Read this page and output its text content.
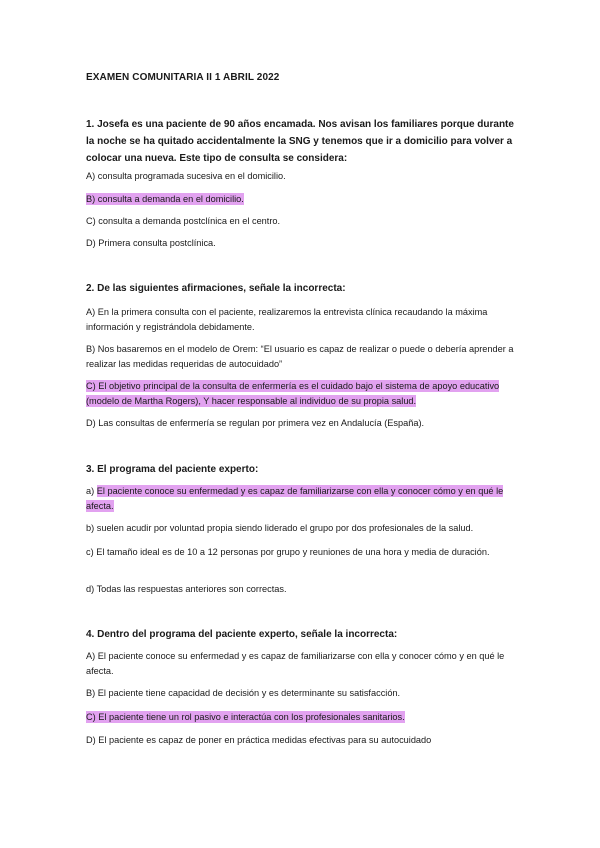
EXAMEN COMUNITARIA II 1 ABRIL 2022

1. Josefa es una paciente de 90 años encamada. Nos avisan los familiares porque durante la noche se ha quitado accidentalmente la SNG y tenemos que ir a domicilio para volver a colocar una nueva. Este tipo de consulta se considera:

A) consulta programada sucesiva en el domicilio.

B) consulta a demanda en el domicilio.

C) consulta a demanda postclínica en el centro.

D) Primera consulta postclínica.

2. De las siguientes afirmaciones, señale la incorrecta:

A) En la primera consulta con el paciente, realizaremos la entrevista clínica recaudando la máxima información y registrándola debidamente.

B) Nos basaremos en el modelo de Orem: “El usuario es capaz de realizar o puede o debería aprender a realizar las medidas requeridas de autocuidado”

C) El objetivo principal de la consulta de enfermería es el cuidado bajo el sistema de apoyo educativo (modelo de Martha Rogers), Y hacer responsable al individuo de su propia salud.

D) Las consultas de enfermería se regulan por primera vez en Andalucía (España).

3. El programa del paciente experto:

a) El paciente conoce su enfermedad y es capaz de familiarizarse con ella y conocer cómo y en qué le afecta.

b) suelen acudir por voluntad propia siendo liderado el grupo por dos profesionales de la salud.

c) El tamaño ideal es de 10 a 12 personas por grupo y reuniones de una hora y media de duración.

d) Todas las respuestas anteriores son correctas.

4. Dentro del programa del paciente experto, señale la incorrecta:

A) El paciente conoce su enfermedad y es capaz de familiarizarse con ella y conocer cómo y en qué le afecta.

B) El paciente tiene capacidad de decisión y es determinante su satisfacción.

C) El paciente tiene un rol pasivo e interactúa con los profesionales sanitarios.

D) El paciente es capaz de poner en práctica medidas efectivas para su autocuidado
